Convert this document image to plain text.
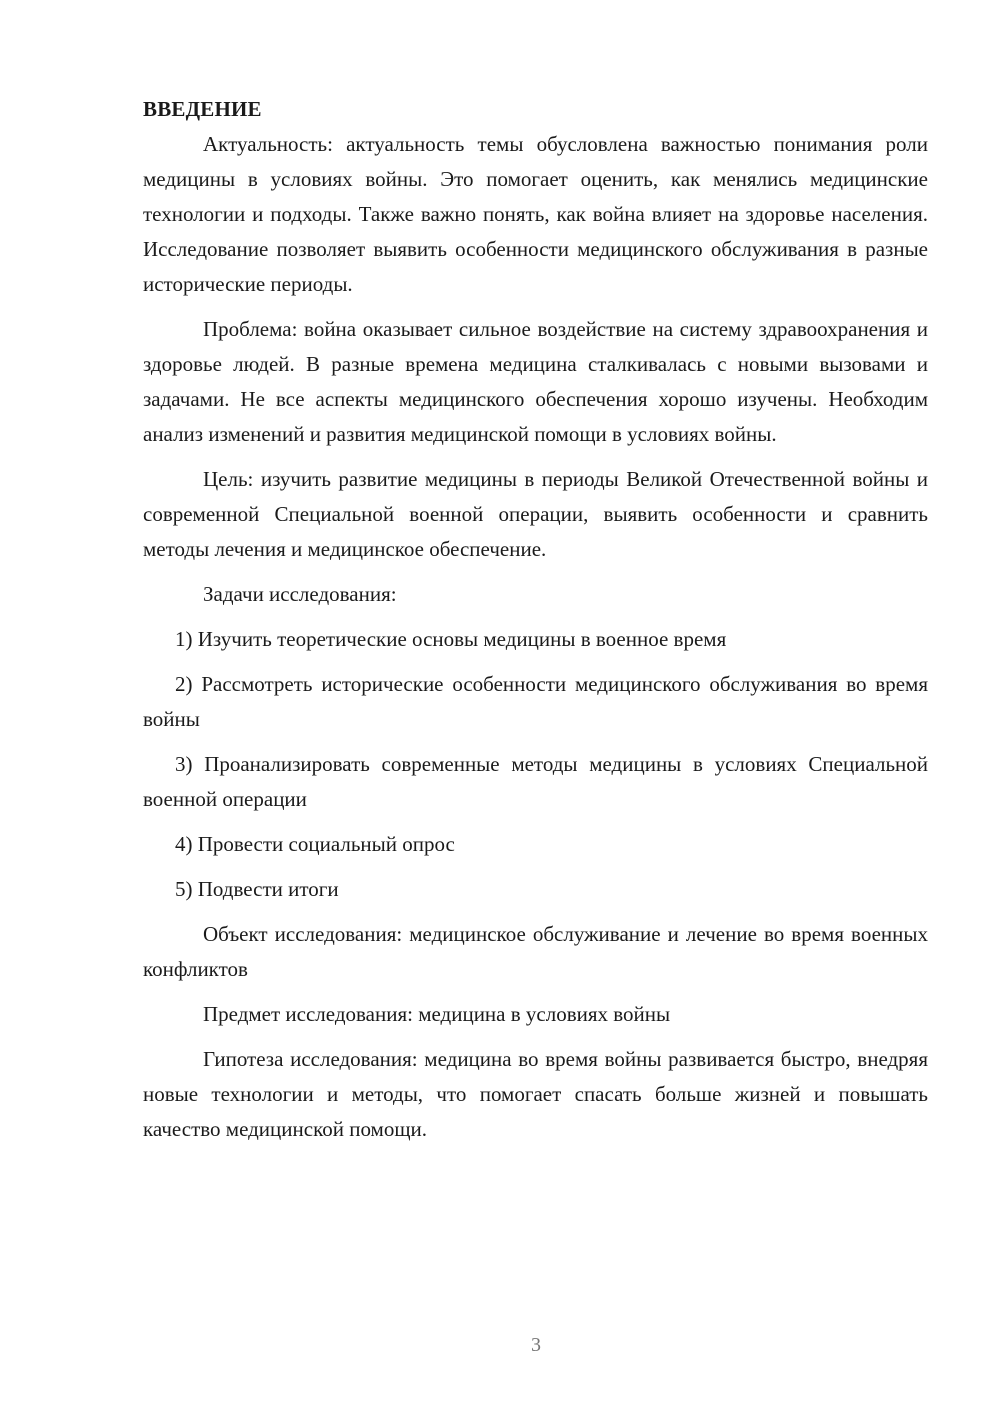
ВВЕДЕНИЕ

Актуальность: актуальность темы обусловлена важностью понимания роли медицины в условиях войны. Это помогает оценить, как менялись медицинские технологии и подходы. Также важно понять, как война влияет на здоровье населения. Исследование позволяет выявить особенности медицинского обслуживания в разные исторические периоды.

Проблема: война оказывает сильное воздействие на систему здравоохранения и здоровье людей. В разные времена медицина сталкивалась с новыми вызовами и задачами. Не все аспекты медицинского обеспечения хорошо изучены. Необходим анализ изменений и развития медицинской помощи в условиях войны.

Цель: изучить развитие медицины в периоды Великой Отечественной войны и современной Специальной военной операции, выявить особенности и сравнить методы лечения и медицинское обеспечение.

Задачи исследования:

1) Изучить теоретические основы медицины в военное время

2) Рассмотреть исторические особенности медицинского обслуживания во время войны

3) Проанализировать современные методы медицины в условиях Специальной военной операции

4) Провести социальный опрос

5) Подвести итоги

Объект исследования: медицинское обслуживание и лечение во время военных конфликтов

Предмет исследования: медицина в условиях войны

Гипотеза исследования: медицина во время войны развивается быстро, внедряя новые технологии и методы, что помогает спасать больше жизней и повышать качество медицинской помощи.

3
